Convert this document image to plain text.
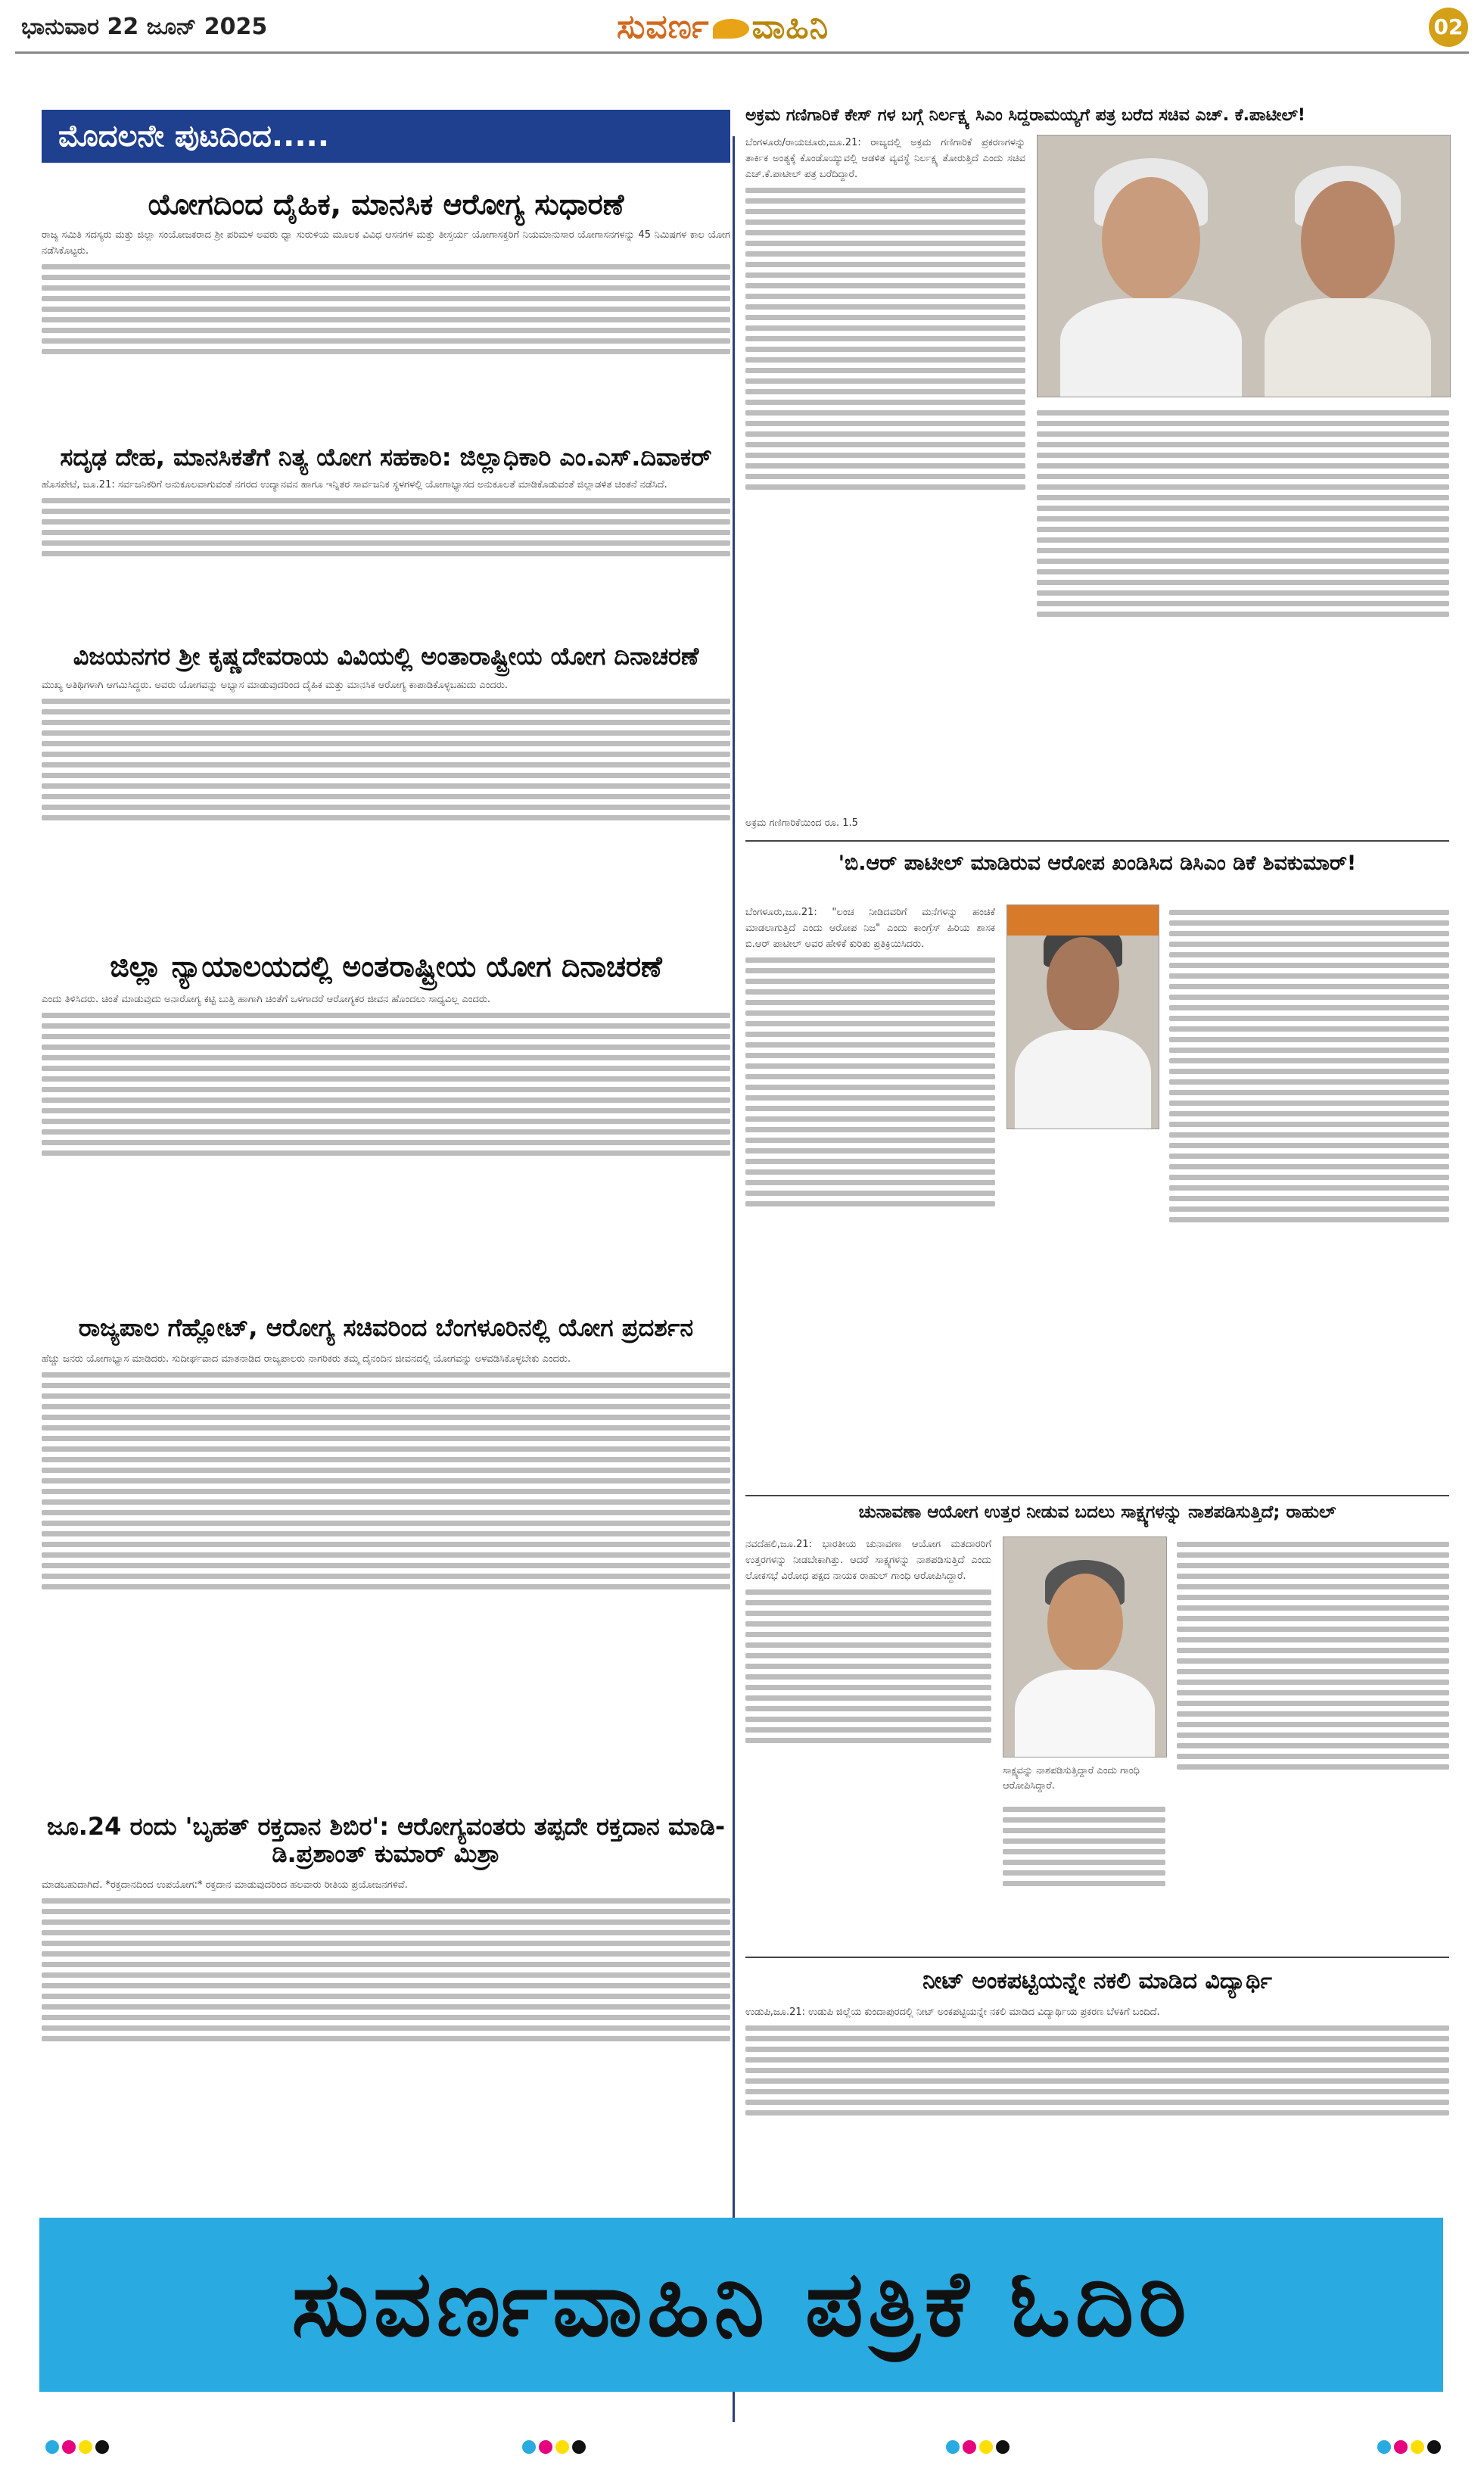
ಭಾನುವಾರ 22 ಜೂನ್ 2025	ಸುವರ್ಣ ವಾಹಿನಿ	02
ಮೊದಲನೇ ಪುಟದಿಂದ.....
ಯೋಗದಿಂದ ದೈಹಿಕ, ಮಾನಸಿಕ ಆರೋಗ್ಯ ಸುಧಾರಣೆ
ರಾಜ್ಯ ಸಮಿತಿ ಸದಸ್ಯರು ಮತ್ತು ಜಿಲ್ಲಾ ಸಂಯೋಜಕರಾದ ಶ್ರೀ ಪರಿಮಳ ಅವರು ಧ್ವಾ ಸುರುಳಿಯ ಮೂಲಕ ವಿವಿಧ ಆಸನಗಳ ಮತ್ತು ತೀಸ್ತರ್ಯ ಯೋಗಾಸಕ್ತರಿಗೆ ನಿಯಮಾನುಸಾರ ಯೋಗಾಸನಗಳನ್ನು 45 ನಿಮಿಷಗಳ ಕಾಲ ಯೋಗ ನಡೆಸಿಕೊಟ್ಟರು.
ಸದೃಢ ದೇಹ, ಮಾನಸಿಕತೆಗೆ ನಿತ್ಯ ಯೋಗ ಸಹಕಾರಿ: ಜಿಲ್ಲಾಧಿಕಾರಿ ಎಂ.ಎಸ್.ದಿವಾಕರ್
ಹೊಸಪೇಟೆ, ಜೂ.21: ಸರ್ವಜನಿಕರಿಗೆ ಅನುಕೂಲವಾಗುವಂತೆ ನಗರದ ಉದ್ಯಾನವನ ಹಾಗೂ ಇನ್ನಿತರ ಸಾರ್ವಜನಿಕ ಸ್ಥಳಗಳಲ್ಲಿ ಯೋಗಾಭ್ಯಾಸದ ಅನುಕೂಲತೆ ಮಾಡಿಕೊಡುವಂತೆ ಜಿಲ್ಲಾಡಳಿತ ಚಿಂತನೆ ನಡೆಸಿದೆ.
ವಿಜಯನಗರ ಶ್ರೀ ಕೃಷ್ಣದೇವರಾಯ ವಿವಿಯಲ್ಲಿ ಅಂತಾರಾಷ್ಟ್ರೀಯ ಯೋಗ ದಿನಾಚರಣೆ
ಮುಖ್ಯ ಅತಿಥಿಗಳಾಗಿ ಆಗಮಿಸಿದ್ದರು. ಅವರು ಯೋಗವನ್ನು ಅಭ್ಯಾಸ ಮಾಡುವುದರಿಂದ ದೈಹಿಕ ಮತ್ತು ಮಾನಸಿಕ ಆರೋಗ್ಯ ಕಾಪಾಡಿಕೊಳ್ಳಬಹುದು ಎಂದರು.
ಜಿಲ್ಲಾ ನ್ಯಾಯಾಲಯದಲ್ಲಿ ಅಂತರಾಷ್ಟ್ರೀಯ ಯೋಗ ದಿನಾಚರಣೆ
ಎಂದು ತಿಳಿಸಿದರು. ಚಿಂತೆ ಮಾಡುವುದು ಅನಾರೋಗ್ಯ ಕಟ್ಟಿ ಬುತ್ತಿ ಹಾಗಾಗಿ ಚಿಂತೆಗೆ ಒಳಗಾದರೆ ಆರೋಗ್ಯಕರ ಜೀವನ ಹೊಂದಲು ಸಾಧ್ಯವಿಲ್ಲ ಎಂದರು.
ರಾಜ್ಯಪಾಲ ಗೆಹ್ಲೋಟ್, ಆರೋಗ್ಯ ಸಚಿವರಿಂದ ಬೆಂಗಳೂರಿನಲ್ಲಿ ಯೋಗ ಪ್ರದರ್ಶನ
ಹೆಚ್ಚು ಜನರು ಯೋಗಾಭ್ಯಾಸ ಮಾಡಿದರು. ಸುದೀರ್ಘವಾದ ಮಾತನಾಡಿದ ರಾಜ್ಯಪಾಲರು ನಾಗರಿಕರು ತಮ್ಮ ದೈನಂದಿನ ಜೀವನದಲ್ಲಿ ಯೋಗವನ್ನು ಅಳವಡಿಸಿಕೊಳ್ಳಬೇಕು ಎಂದರು.
ಜೂ.24 ರಂದು 'ಬೃಹತ್ ರಕ್ತದಾನ ಶಿಬಿರ': ಆರೋಗ್ಯವಂತರು ತಪ್ಪದೇ ರಕ್ತದಾನ ಮಾಡಿ-ಡಿ.ಪ್ರಶಾಂತ್ ಕುಮಾರ್ ಮಿಶ್ರಾ
ಮಾಡಬಹುದಾಗಿದೆ. *ರಕ್ತದಾನದಿಂದ ಉಪಯೋಗ:* ರಕ್ತದಾನ ಮಾಡುವುದರಿಂದ ಹಲವಾರು ರೀತಿಯ ಪ್ರಯೋಜನಗಳಿವೆ.
ಅಕ್ರಮ ಗಣಿಗಾರಿಕೆ ಕೇಸ್ ಗಳ ಬಗ್ಗೆ ನಿರ್ಲಕ್ಷ್ಯ ಸಿಎಂ ಸಿದ್ದರಾಮಯ್ಯಗೆ ಪತ್ರ ಬರೆದ ಸಚಿವ ಎಚ್. ಕೆ.ಪಾಟೀಲ್!
ಬೆಂಗಳೂರು/ರಾಯಚೂರು,ಜೂ.21: ರಾಜ್ಯದಲ್ಲಿ ಅಕ್ರಮ ಗಣಿಗಾರಿಕೆ ಪ್ರಕರಣಗಳನ್ನು ತಾರ್ಕಿಕ ಅಂತ್ಯಕ್ಕೆ ಕೊಂಡೊಯ್ಯುವಲ್ಲಿ ಆಡಳಿತ ವ್ಯವಸ್ಥೆ ನಿರ್ಲಕ್ಷ್ಯ ತೋರುತ್ತಿದೆ ಎಂದು ಸಚಿವ ಎಚ್.ಕೆ.ಪಾಟೀಲ್ ಪತ್ರ ಬರೆದಿದ್ದಾರೆ.
ಅಕ್ರಮ ಗಣಿಗಾರಿಕೆಯಿಂದ ರೂ. 1.5
'ಬಿ.ಆರ್ ಪಾಟೀಲ್ ಮಾಡಿರುವ ಆರೋಪ ಖಂಡಿಸಿದ ಡಿಸಿಎಂ ಡಿಕೆ ಶಿವಕುಮಾರ್!
ಬೆಂಗಳೂರು,ಜೂ.21: "ಲಂಚ ನೀಡಿದವರಿಗೆ ಮನೆಗಳನ್ನು ಹಂಚಿಕೆ ಮಾಡಲಾಗುತ್ತಿದೆ ಎಂದು ಆರೋಪ ನಿಜ" ಎಂದು ಕಾಂಗ್ರೆಸ್ ಹಿರಿಯ ಶಾಸಕ ಬಿ.ಆರ್ ಪಾಟೀಲ್ ಅವರ ಹೇಳಿಕೆ ಕುರಿತು ಪ್ರತಿಕ್ರಿಯಿಸಿದರು.
ಚುನಾವಣಾ ಆಯೋಗ ಉತ್ತರ ನೀಡುವ ಬದಲು ಸಾಕ್ಷ್ಯಗಳನ್ನು ನಾಶಪಡಿಸುತ್ತಿದೆ; ರಾಹುಲ್
ನವದೆಹಲಿ,ಜೂ.21: ಭಾರತೀಯ ಚುನಾವಣಾ ಆಯೋಗ ಮತದಾರರಿಗೆ ಉತ್ತರಗಳನ್ನು ನೀಡಬೇಕಾಗಿತ್ತು. ಆದರೆ ಸಾಕ್ಷ್ಯಗಳನ್ನು ನಾಶಪಡಿಸುತ್ತಿದೆ ಎಂದು ಲೋಕಸಭೆ ವಿರೋಧ ಪಕ್ಷದ ನಾಯಕ ರಾಹುಲ್ ಗಾಂಧಿ ಆರೋಪಿಸಿದ್ದಾರೆ.
ಸಾಕ್ಷ್ಯವನ್ನು ನಾಶಪಡಿಸುತ್ತಿದ್ದಾರೆ ಎಂದು ಗಾಂಧಿ ಆರೋಪಿಸಿದ್ದಾರೆ.
ನೀಟ್ ಅಂಕಪಟ್ಟಿಯನ್ನೇ ನಕಲಿ ಮಾಡಿದ ವಿದ್ಯಾರ್ಥಿ
ಉಡುಪಿ,ಜೂ.21: ಉಡುಪಿ ಜಿಲ್ಲೆಯ ಕುಂದಾಪುರದಲ್ಲಿ ನೀಟ್ ಅಂಕಪಟ್ಟಿಯನ್ನೇ ನಕಲಿ ಮಾಡಿದ ವಿದ್ಯಾರ್ಥಿಯ ಪ್ರಕರಣ ಬೆಳಕಿಗೆ ಬಂದಿದೆ.
ಸುವರ್ಣವಾಹಿನಿ ಪತ್ರಿಕೆ ಓದಿರಿ
